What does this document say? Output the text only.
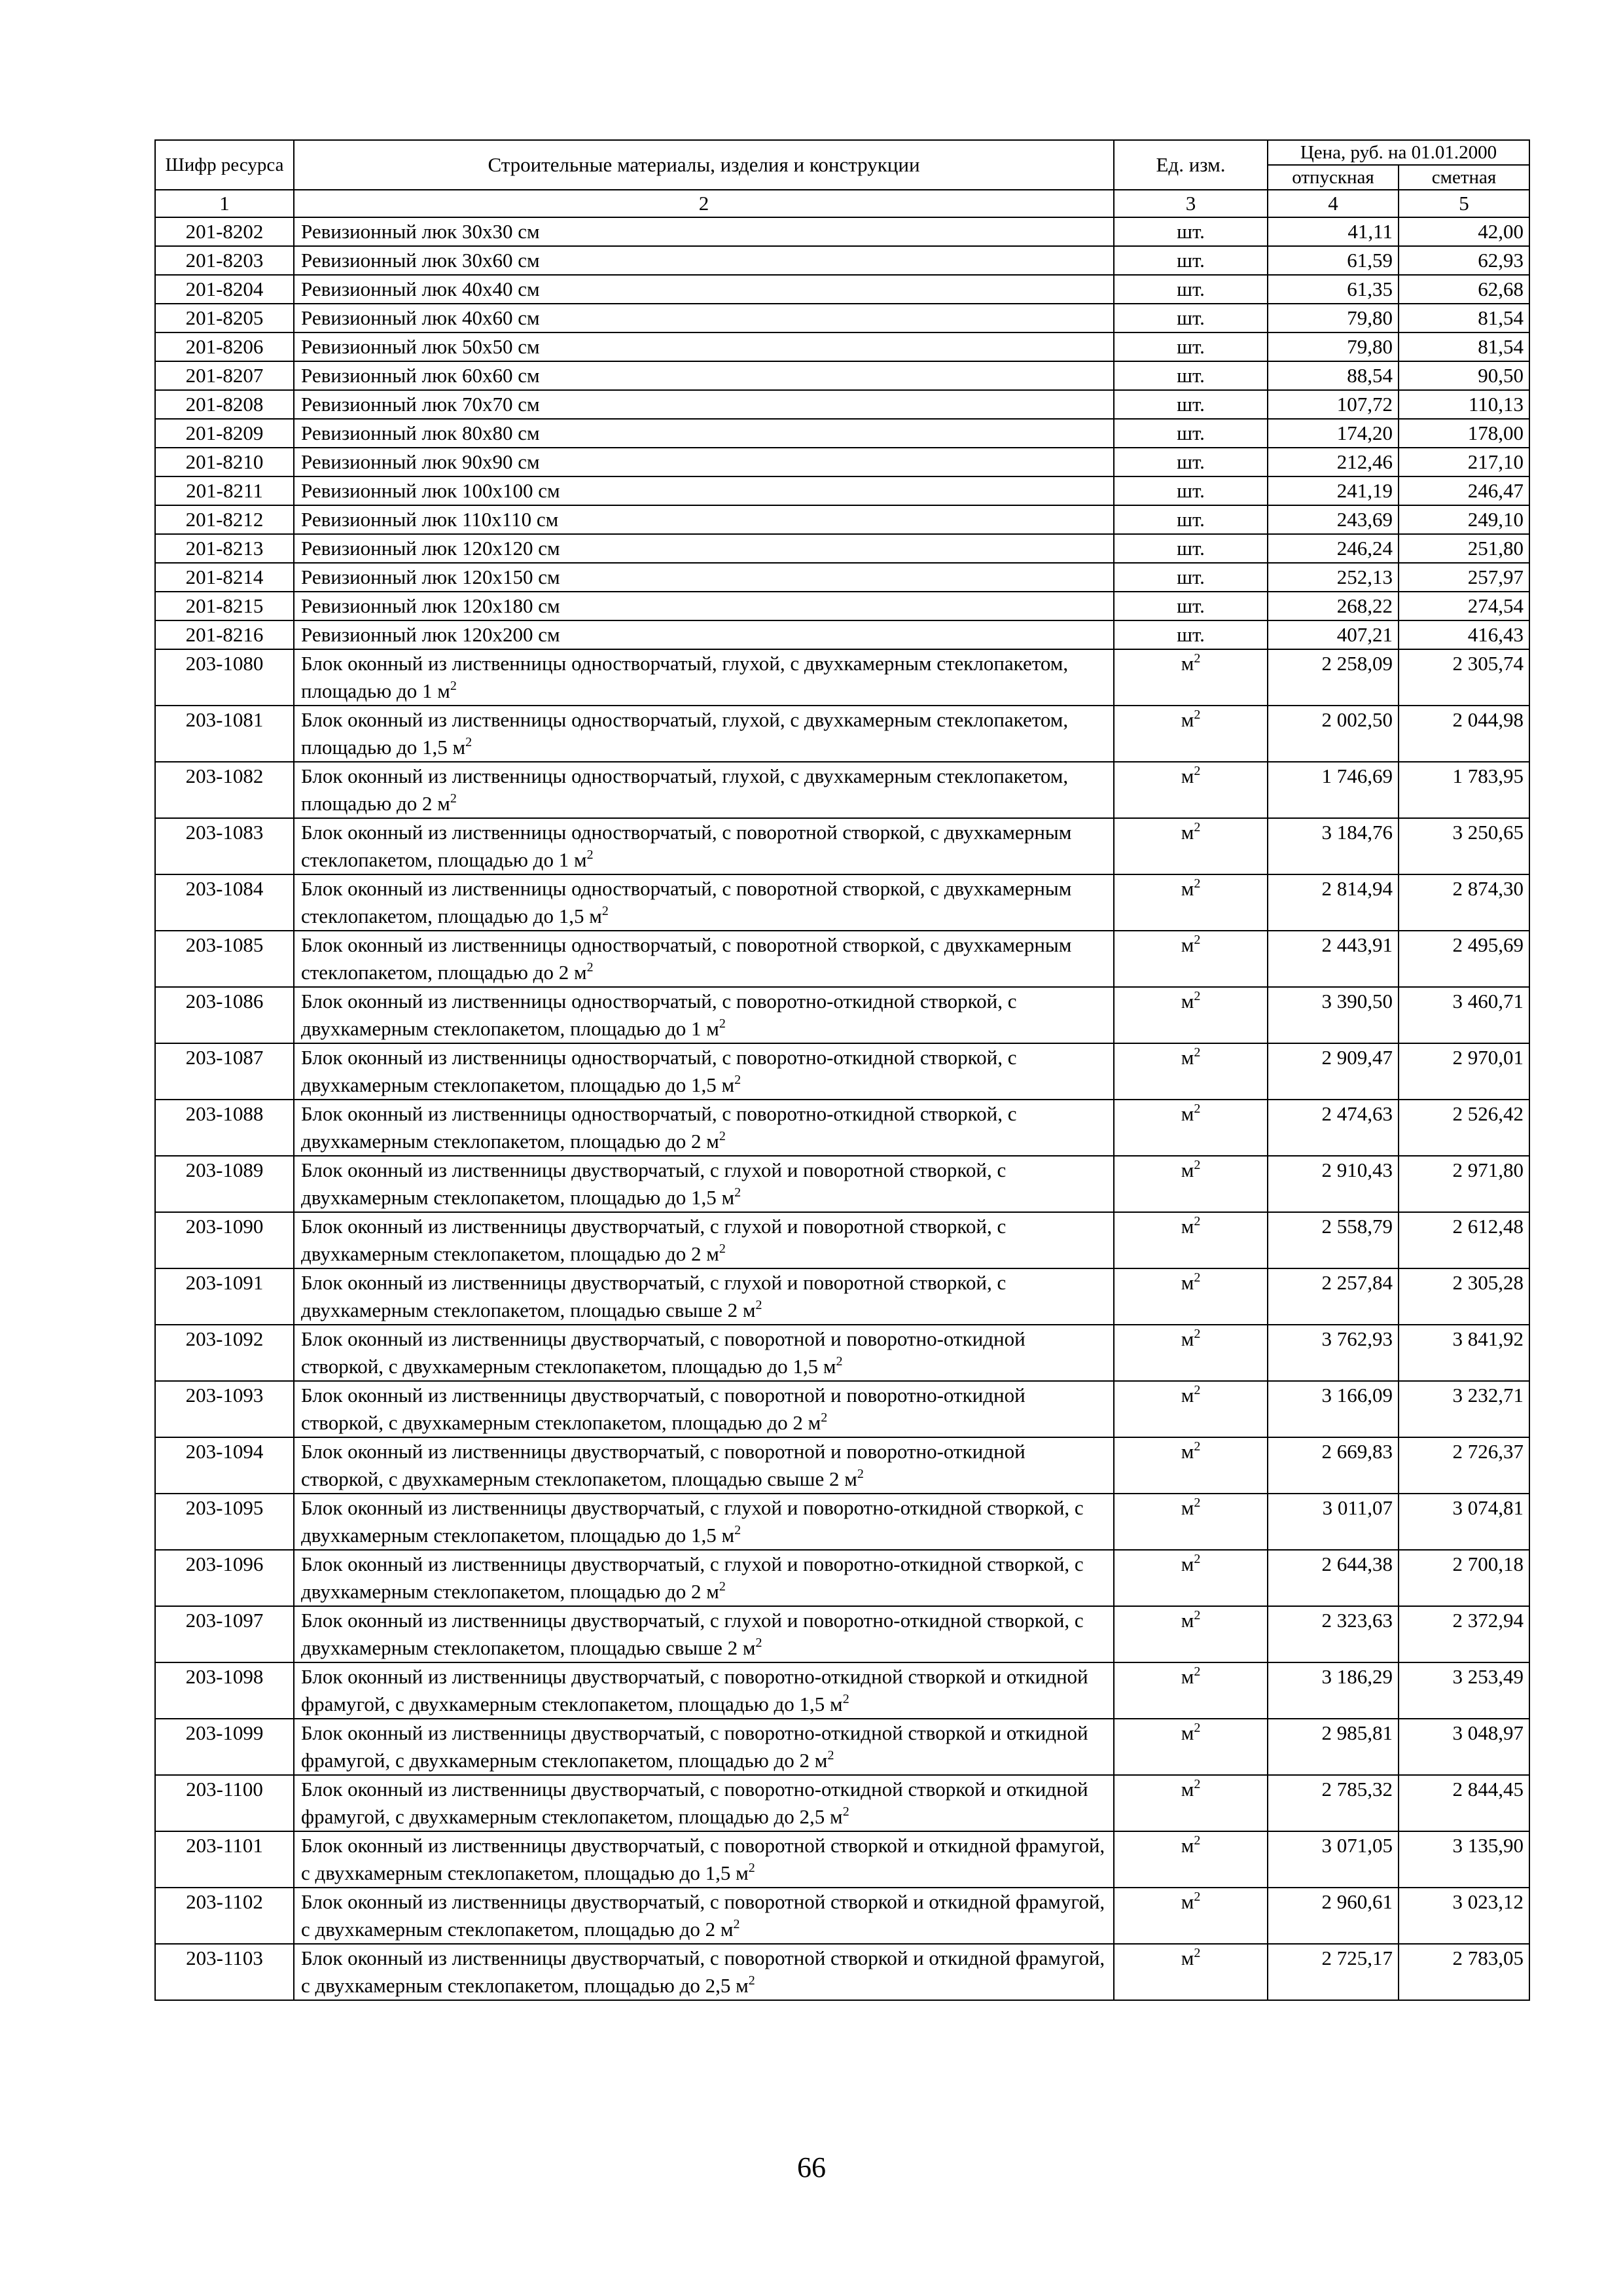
Шифр ресурса	Строительные материалы, изделия и конструкции	Ед. изм.	Цена, руб. на 01.01.2000	
			отпускная	сметная
1	2	3	4	5
201-8202	Ревизионный люк 30х30 см	шт.	41,11	42,00
201-8203	Ревизионный люк 30х60 см	шт.	61,59	62,93
201-8204	Ревизионный люк 40х40 см	шт.	61,35	62,68
201-8205	Ревизионный люк 40х60 см	шт.	79,80	81,54
201-8206	Ревизионный люк 50х50 см	шт.	79,80	81,54
201-8207	Ревизионный люк 60х60 см	шт.	88,54	90,50
201-8208	Ревизионный люк 70х70 см	шт.	107,72	110,13
201-8209	Ревизионный люк 80х80 см	шт.	174,20	178,00
201-8210	Ревизионный люк 90х90 см	шт.	212,46	217,10
201-8211	Ревизионный люк 100х100 см	шт.	241,19	246,47
201-8212	Ревизионный люк 110х110 см	шт.	243,69	249,10
201-8213	Ревизионный люк 120х120 см	шт.	246,24	251,80
201-8214	Ревизионный люк 120х150 см	шт.	252,13	257,97
201-8215	Ревизионный люк 120х180 см	шт.	268,22	274,54
201-8216	Ревизионный люк 120х200 см	шт.	407,21	416,43
203-1080	Блок оконный из лиственницы одностворчатый, глухой, с двухкамерным стеклопакетом, площадью до 1 $м^2$	$м^2$	2 258,09	2 305,74
203-1081	Блок оконный из лиственницы одностворчатый, глухой, с двухкамерным стеклопакетом, площадью до 1,5 $м^2$	$м^2$	2 002,50	2 044,98
203-1082	Блок оконный из лиственницы одностворчатый, глухой, с двухкамерным стеклопакетом, площадью до 2 $м^2$	$м^2$	1 746,69	1 783,95
203-1083	Блок оконный из лиственницы одностворчатый, с поворотной створкой, с двухкамерным стеклопакетом, площадью до 1 $м^2$	$м^2$	3 184,76	3 250,65
203-1084	Блок оконный из лиственницы одностворчатый, с поворотной створкой, с двухкамерным стеклопакетом, площадью до 1,5 $м^2$	$м^2$	2 814,94	2 874,30
203-1085	Блок оконный из лиственницы одностворчатый, с поворотной створкой, с двухкамерным стеклопакетом, площадью до 2 $м^2$	$м^2$	2 443,91	2 495,69
203-1086	Блок оконный из лиственницы одностворчатый, с поворотно-откидной створкой, с двухкамерным стеклопакетом, площадью до 1 $м^2$	$м^2$	3 390,50	3 460,71
203-1087	Блок оконный из лиственницы одностворчатый, с поворотно-откидной створкой, с двухкамерным стеклопакетом, площадью до 1,5 $м^2$	$м^2$	2 909,47	2 970,01
203-1088	Блок оконный из лиственницы одностворчатый, с поворотно-откидной створкой, с двухкамерным стеклопакетом, площадью до 2 $м^2$	$м^2$	2 474,63	2 526,42
203-1089	Блок оконный из лиственницы двустворчатый, с глухой и поворотной створкой, с двухкамерным стеклопакетом, площадью до 1,5 $м^2$	$м^2$	2 910,43	2 971,80
203-1090	Блок оконный из лиственницы двустворчатый, с глухой и поворотной створкой, с двухкамерным стеклопакетом, площадью до 2 $м^2$	$м^2$	2 558,79	2 612,48
203-1091	Блок оконный из лиственницы двустворчатый, с глухой и поворотной створкой, с двухкамерным стеклопакетом, площадью свыше 2 $м^2$	$м^2$	2 257,84	2 305,28
203-1092	Блок оконный из лиственницы двустворчатый, с поворотной и поворотно-откидной створкой, с двухкамерным стеклопакетом, площадью до 1,5 $м^2$	$м^2$	3 762,93	3 841,92
203-1093	Блок оконный из лиственницы двустворчатый, с поворотной и поворотно-откидной створкой, с двухкамерным стеклопакетом, площадью до 2 $м^2$	$м^2$	3 166,09	3 232,71
203-1094	Блок оконный из лиственницы двустворчатый, с поворотной и поворотно-откидной створкой, с двухкамерным стеклопакетом, площадью свыше 2 $м^2$	$м^2$	2 669,83	2 726,37
203-1095	Блок оконный из лиственницы двустворчатый, с глухой и поворотно-откидной створкой, с двухкамерным стеклопакетом, площадью до 1,5 $м^2$	$м^2$	3 011,07	3 074,81
203-1096	Блок оконный из лиственницы двустворчатый, с глухой и поворотно-откидной створкой, с двухкамерным стеклопакетом, площадью до 2 $м^2$	$м^2$	2 644,38	2 700,18
203-1097	Блок оконный из лиственницы двустворчатый, с глухой и поворотно-откидной створкой, с двухкамерным стеклопакетом, площадью свыше 2 $м^2$	$м^2$	2 323,63	2 372,94
203-1098	Блок оконный из лиственницы двустворчатый, с поворотно-откидной створкой и откидной фрамугой, с двухкамерным стеклопакетом, площадью до 1,5 $м^2$	$м^2$	3 186,29	3 253,49
203-1099	Блок оконный из лиственницы двустворчатый, с поворотно-откидной створкой и откидной фрамугой, с двухкамерным стеклопакетом, площадью до 2 $м^2$	$м^2$	2 985,81	3 048,97
203-1100	Блок оконный из лиственницы двустворчатый, с поворотно-откидной створкой и откидной фрамугой, с двухкамерным стеклопакетом, площадью до 2,5 $м^2$	$м^2$	2 785,32	2 844,45
203-1101	Блок оконный из лиственницы двустворчатый, с поворотной створкой и откидной фрамугой, с двухкамерным стеклопакетом, площадью до 1,5 $м^2$	$м^2$	3 071,05	3 135,90
203-1102	Блок оконный из лиственницы двустворчатый, с поворотной створкой и откидной фрамугой, с двухкамерным стеклопакетом, площадью до 2 $м^2$	$м^2$	2 960,61	3 023,12
203-1103	Блок оконный из лиственницы двустворчатый, с поворотной створкой и откидной фрамугой, с двухкамерным стеклопакетом, площадью до 2,5 $м^2$	$м^2$	2 725,17	2 783,05
66
